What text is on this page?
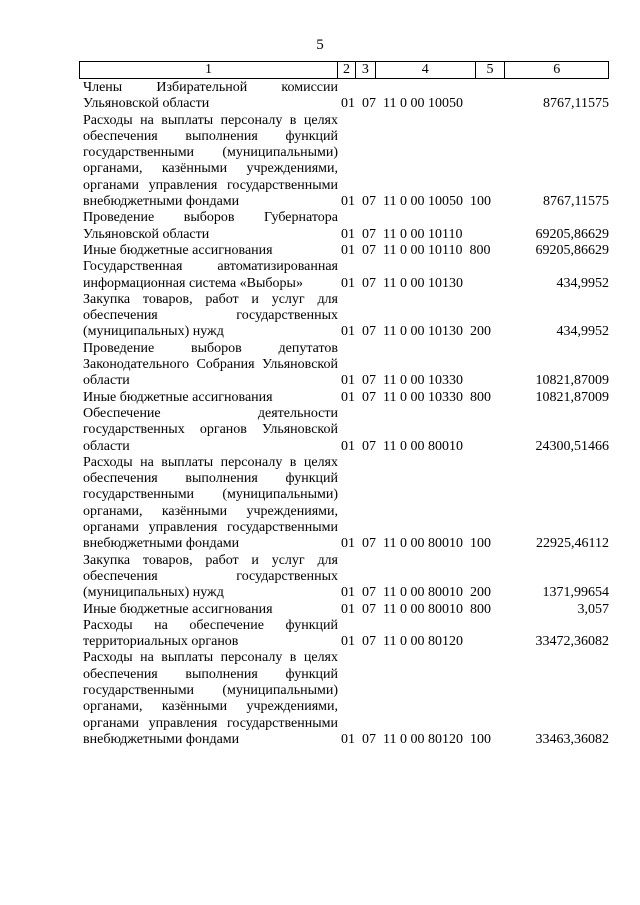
5
1	2 3	4	5	6
Члены Избирательной комиссии Ульяновской области	01  07  11 0 00 10050	8767,11575
Расходы на выплаты персоналу в целях обеспечения выполнения функций государственными (муниципальными) органами, казёнными учреждениями, органами управления государственными внебюджетными фондами	01  07  11 0 00 10050  100	8767,11575
Проведение выборов Губернатора Ульяновской области	01  07  11 0 00 10110	69205,86629
Иные бюджетные ассигнования	01  07  11 0 00 10110  800	69205,86629
Государственная автоматизированная информационная система «Выборы»	01  07  11 0 00 10130	434,9952
Закупка товаров, работ и услуг для обеспечения государственных (муниципальных) нужд	01  07  11 0 00 10130  200	434,9952
Проведение выборов депутатов Законодательного Собрания Ульяновской области	01  07  11 0 00 10330	10821,87009
Иные бюджетные ассигнования	01  07  11 0 00 10330  800	10821,87009
Обеспечение деятельности государственных органов Ульяновской области	01  07  11 0 00 80010	24300,51466
Расходы на выплаты персоналу в целях обеспечения выполнения функций государственными (муниципальными) органами, казёнными учреждениями, органами управления государственными внебюджетными фондами	01  07  11 0 00 80010  100	22925,46112
Закупка товаров, работ и услуг для обеспечения государственных (муниципальных) нужд	01  07  11 0 00 80010  200	1371,99654
Иные бюджетные ассигнования	01  07  11 0 00 80010  800	3,057
Расходы на обеспечение функций территориальных органов	01  07  11 0 00 80120	33472,36082
Расходы на выплаты персоналу в целях обеспечения выполнения функций государственными (муниципальными) органами, казёнными учреждениями, органами управления государственными внебюджетными фондами	01  07  11 0 00 80120  100	33463,36082
